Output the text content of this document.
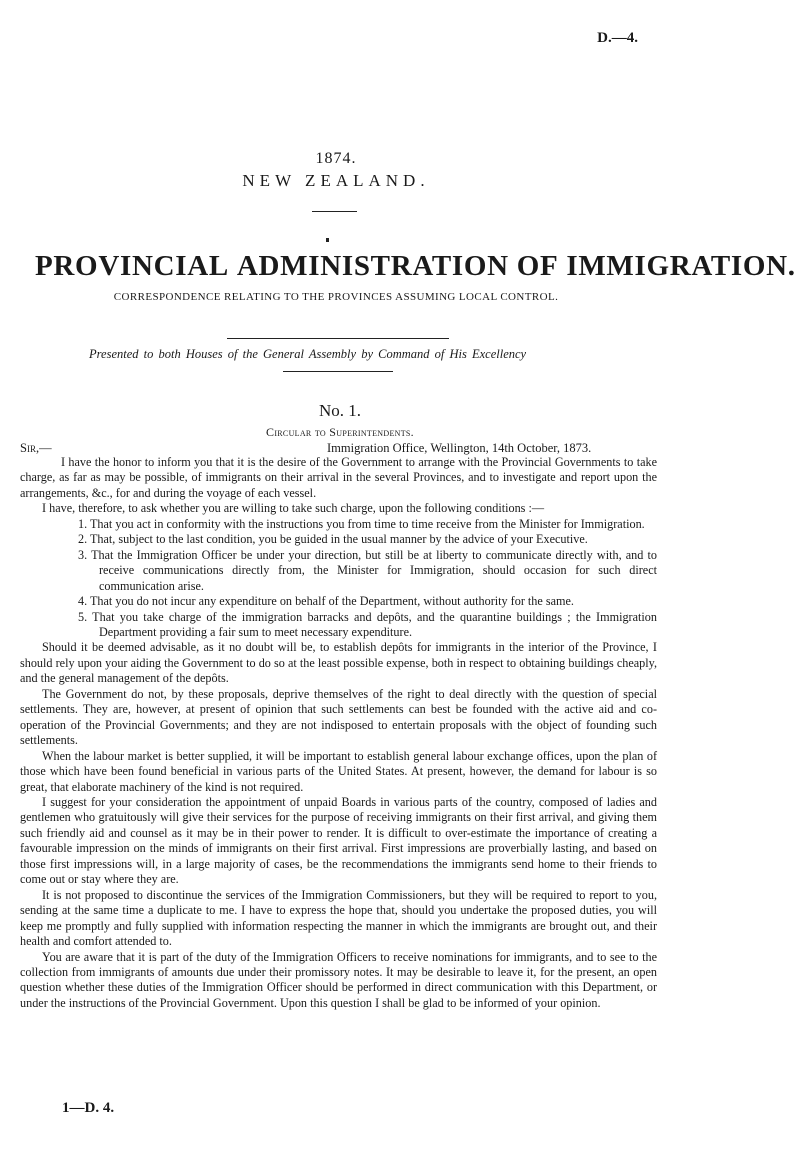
D.—4.
1874.
NEW ZEALAND.
PROVINCIAL ADMINISTRATION OF IMMIGRATION.
CORRESPONDENCE RELATING TO THE PROVINCES ASSUMING LOCAL CONTROL.
Presented to both Houses of the General Assembly by Command of His Excellency
No. 1.
Circular to Superintendents.
Sir,—	Immigration Office, Wellington, 14th October, 1873.

I have the honor to inform you that it is the desire of the Government to arrange with the Provincial Governments to take charge, as far as may be possible, of immigrants on their arrival in the several Provinces, and to investigate and report upon the arrangements, &c., for and during the voyage of each vessel.

I have, therefore, to ask whether you are willing to take such charge, upon the following conditions :—

1. That you act in conformity with the instructions you from time to time receive from the Minister for Immigration.
2. That, subject to the last condition, you be guided in the usual manner by the advice of your Executive.
3. That the Immigration Officer be under your direction, but still be at liberty to communicate directly with, and to receive communications directly from, the Minister for Immigration, should occasion for such direct communication arise.
4. That you do not incur any expenditure on behalf of the Department, without authority for the same.
5. That you take charge of the immigration barracks and depôts, and the quarantine buildings ; the Immigration Department providing a fair sum to meet necessary expenditure.

Should it be deemed advisable, as it no doubt will be, to establish depôts for immigrants in the interior of the Province, I should rely upon your aiding the Government to do so at the least possible expense, both in respect to obtaining buildings cheaply, and the general management of the depôts.

The Government do not, by these proposals, deprive themselves of the right to deal directly with the question of special settlements. They are, however, at present of opinion that such settlements can best be founded with the active aid and co-operation of the Provincial Governments; and they are not indisposed to entertain proposals with the object of founding such settlements.

When the labour market is better supplied, it will be important to establish general labour exchange offices, upon the plan of those which have been found beneficial in various parts of the United States. At present, however, the demand for labour is so great, that elaborate machinery of the kind is not required.

I suggest for your consideration the appointment of unpaid Boards in various parts of the country, composed of ladies and gentlemen who gratuitously will give their services for the purpose of receiving immigrants on their first arrival, and giving them such friendly aid and counsel as it may be in their power to render. It is difficult to over-estimate the importance of creating a favourable impression on the minds of immigrants on their first arrival. First impressions are proverbially lasting, and based on those first impressions will, in a large majority of cases, be the recommendations the immigrants send home to their friends to come out or stay where they are.

It is not proposed to discontinue the services of the Immigration Commissioners, but they will be required to report to you, sending at the same time a duplicate to me. I have to express the hope that, should you undertake the proposed duties, you will keep me promptly and fully supplied with information respecting the manner in which the immigrants are brought out, and their health and comfort attended to.

You are aware that it is part of the duty of the Immigration Officers to receive nominations for immigrants, and to see to the collection from immigrants of amounts due under their promissory notes. It may be desirable to leave it, for the present, an open question whether these duties of the Immigration Officer should be performed in direct communication with this Department, or under the instructions of the Provincial Government. Upon this question I shall be glad to be informed of your opinion.

1—D. 4.
